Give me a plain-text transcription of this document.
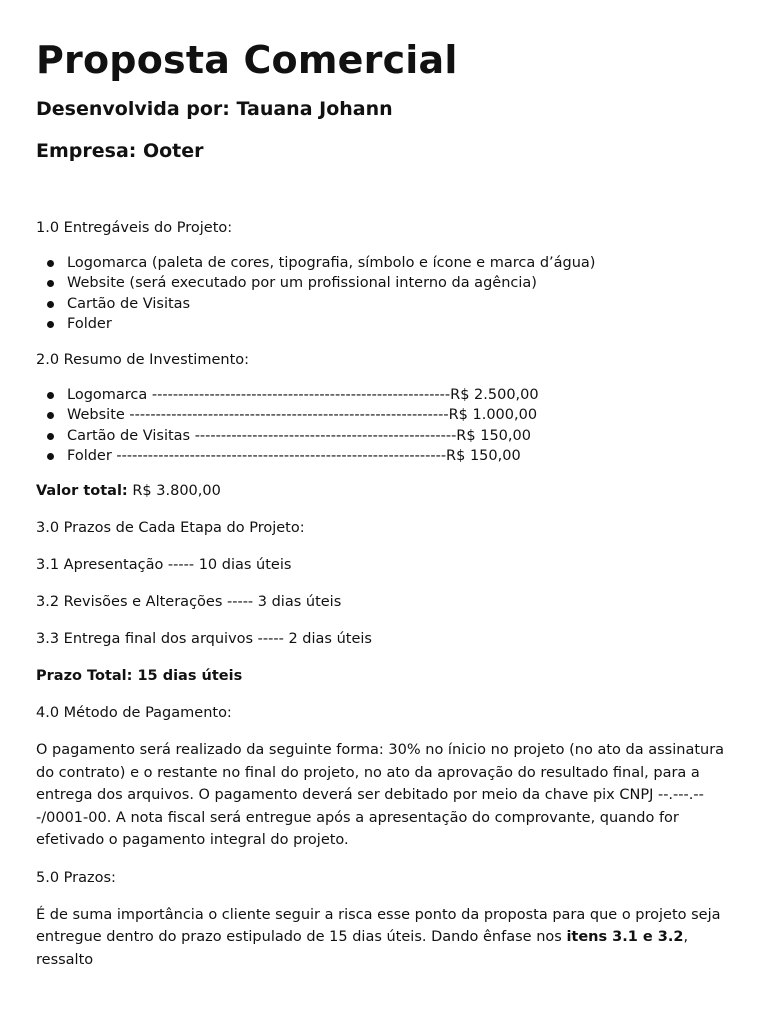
Proposta Comercial
Desenvolvida por: Tauana Johann
Empresa: Ooter

1.0 Entregáveis do Projeto:

Logomarca (paleta de cores, tipografia, símbolo e ícone e marca d’água)
Website (será executado por um profissional interno da agência)
Cartão de Visitas
Folder

2.0 Resumo de Investimento:

Logomarca ---------------------------------------------------------R$ 2.500,00
Website -------------------------------------------------------------R$ 1.000,00
Cartão de Visitas --------------------------------------------------R$ 150,00
Folder ---------------------------------------------------------------R$ 150,00

Valor total: R$ 3.800,00

3.0 Prazos de Cada Etapa do Projeto:

3.1 Apresentação ----- 10 dias úteis

3.2 Revisões e Alterações ----- 3 dias úteis

3.3 Entrega final dos arquivos ----- 2 dias úteis

Prazo Total: 15 dias úteis

4.0 Método de Pagamento:

O pagamento será realizado da seguinte forma: 30% no ínicio no projeto (no ato da assinatura do contrato) e o restante no final do projeto, no ato da aprovação do resultado final, para a entrega dos arquivos. O pagamento deverá ser debitado por meio da chave pix CNPJ --.---.---/0001-00. A nota fiscal será entregue após a apresentação do comprovante, quando for efetivado o pagamento integral do projeto.

5.0 Prazos:

É de suma importância o cliente seguir a risca esse ponto da proposta para que o projeto seja entregue dentro do prazo estipulado de 15 dias úteis. Dando ênfase nos itens 3.1 e 3.2, ressalto
